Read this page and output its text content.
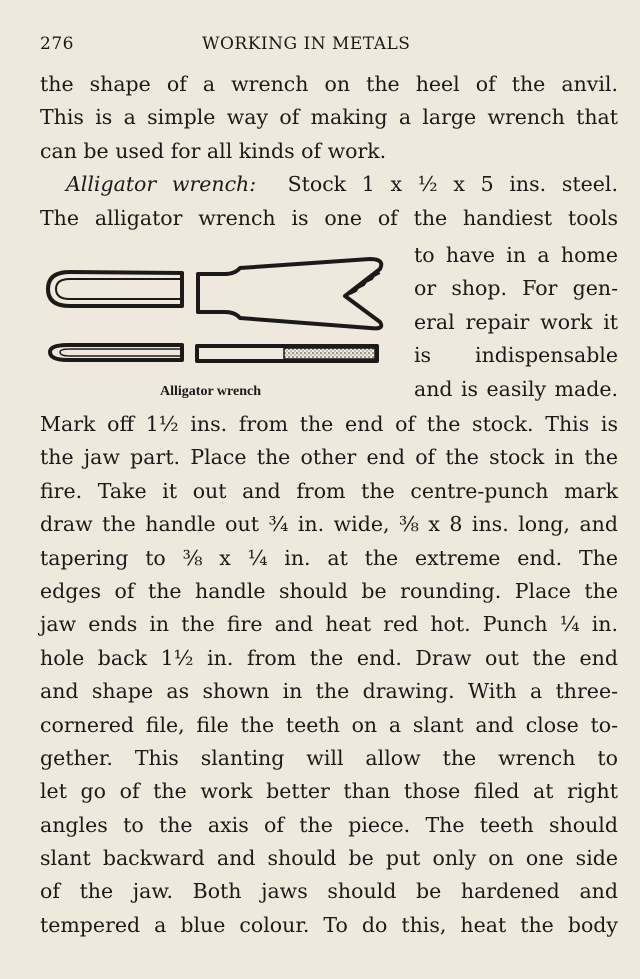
276	WORKING IN METALS
the shape of a wrench on the heel of the anvil.
This is a simple way of making a large wrench that
can be used for all kinds of work.
Alligator wrench: Stock 1 x ½ x 5 ins. steel.
The alligator wrench is one of the handiest tools
to have in a home
or shop. For gen-
eral repair work it
is indispensable
and is easily made.
Alligator wrench
Mark off 1½ ins. from the end of the stock. This is
the jaw part. Place the other end of the stock in the
fire. Take it out and from the centre-punch mark
draw the handle out ¾ in. wide, ⅜ x 8 ins. long, and
tapering to ⅜ x ¼ in. at the extreme end. The
edges of the handle should be rounding. Place the
jaw ends in the fire and heat red hot. Punch ¼ in.
hole back 1½ in. from the end. Draw out the end
and shape as shown in the drawing. With a three-
cornered file, file the teeth on a slant and close to-
gether. This slanting will allow the wrench to
let go of the work better than those filed at right
angles to the axis of the piece. The teeth should
slant backward and should be put only on one side
of the jaw. Both jaws should be hardened and
tempered a blue colour. To do this, heat the body
